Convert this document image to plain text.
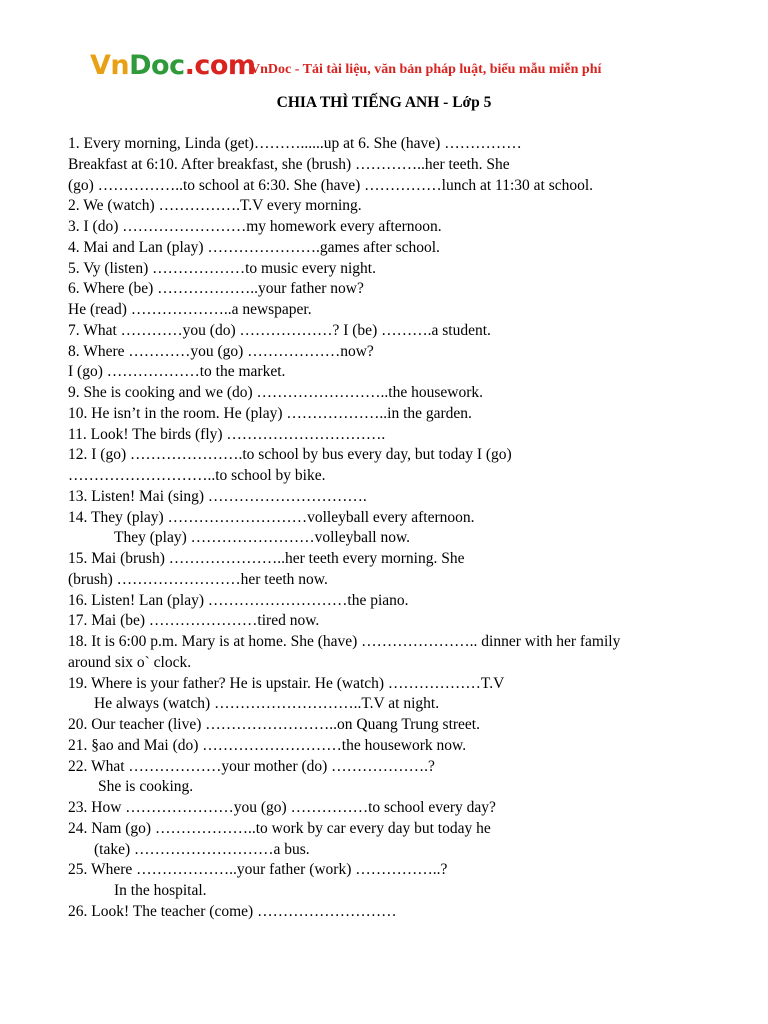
VnDoc.com
VnDoc - Tải tài liệu, văn bản pháp luật, biểu mẫu miễn phí
CHIA THÌ TIẾNG ANH - Lớp 5
1. Every morning, Linda (get)………......up at 6. She (have) ……………
Breakfast at 6:10. After breakfast, she (brush) …………..her teeth. She
(go) ……………..to school at 6:30. She (have) ……………lunch at 11:30 at school.
2. We (watch) …………….T.V every morning.
3. I (do) ……………………my homework every afternoon.
4. Mai and Lan (play) ………………….games after school.
5. Vy (listen) ………………to music every night.
6. Where (be) ………………..your father now?
He (read) ………………..a newspaper.
7. What …………you (do) ………………? I (be) ……….a student.
8. Where …………you (go) ………………now?
I (go) ………………to the market.
9. She is cooking and we (do) ……………………..the housework.
10. He isn’t in the room. He (play) ………………..in the garden.
11. Look! The birds (fly) ………………………….
12. I (go) ………………….to school by bus every day, but today I (go)
………………………..to school by bike.
13. Listen! Mai (sing) ………………………….
14. They (play) ………………………volleyball every afternoon.
They (play) ……………………volleyball now.
15. Mai (brush) …………………..her teeth every morning. She
(brush) ……………………her teeth now.
16. Listen! Lan (play) ………………………the piano.
17. Mai (be) …………………tired now.
18. It is 6:00 p.m. Mary is at home. She (have) ………………….. dinner with her family
around six o` clock.
19. Where is your father? He is upstair. He (watch) ………………T.V
He always (watch) ………………………..T.V at night.
20. Our teacher (live) ……………………..on Quang Trung street.
21. §ao and Mai (do) ………………………the housework now.
22. What ………………your mother (do) ……………….?
She is cooking.
23. How …………………you (go) ……………to school every day?
24. Nam (go) ………………..to work by car every day but today he
(take) ………………………a bus.
25. Where ………………..your father (work) ……………..?
In the hospital.
26. Look! The teacher (come) ………………………
